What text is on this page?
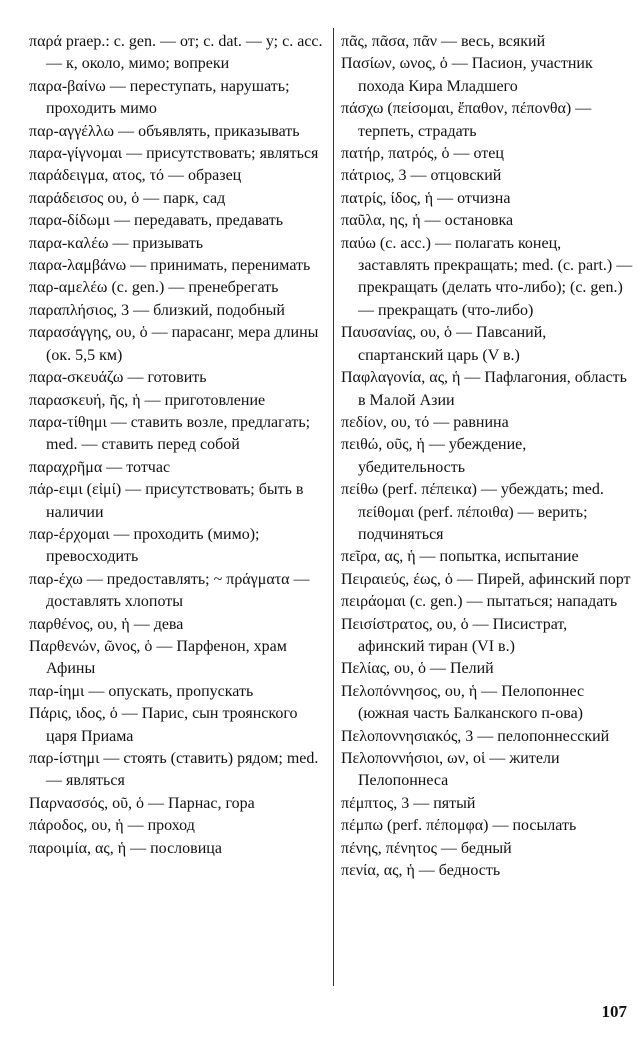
παρά praep.: c. gen. — от; c. dat. — у; c. acc. — к, около, мимо; вопреки

παρα-βαίνω — переступать, нарушать; проходить мимо

παρ-αγγέλλω — объявлять, приказывать

παρα-γίγνομαι — присутствовать; являться

παράδειγμα, ατος, τό — образец

παράδεισος ου, ὁ — парк, сад

παρα-δίδωμι — передавать, предавать

παρα-καλέω — призывать

παρα-λαμβάνω — принимать, перенимать

παρ-αμελέω (c. gen.) — пренебрегать

παραπλήσιος, 3 — близкий, подобный

παρασάγγης, ου, ὁ — парасанг, мера длины (ок. 5,5 км)

παρα-σκευάζω — готовить

παρασκευή, ῆς, ἡ — приготовление

παρα-τίθημι — ставить возле, предлагать; med. — ставить перед собой

παραχρῆμα — тотчас

πάρ-ειμι (εἰμί) — присутствовать; быть в наличии

παρ-έρχομαι — проходить (мимо); превосходить

παρ-έχω — предоставлять; ~ πράγματα — доставлять хлопоты

παρθένος, ου, ἡ — дева

Παρθενών, ῶνος, ὁ — Парфенон, храм Афины

παρ-ίημι — опускать, пропускать

Πάρις, ιδος, ὁ — Парис, сын троянского царя Приама

παρ-ίστημι — стоять (ставить) рядом; med. — являться

Παρνασσός, οῦ, ὁ — Парнас, гора

πάροδος, ου, ἡ — проход

παροιμία, ας, ἡ — пословица

πᾶς, πᾶσα, πᾶν — весь, всякий

Πασίων, ωνος, ὁ — Пасион, участник похода Кира Младшего

πάσχω (πείσομαι, ἔπαθον, πέπονθα) — терпеть, страдать

πατήρ, πατρός, ὁ — отец

πάτριος, 3 — отцовский

πατρίς, ίδος, ἡ — отчизна

παῦλα, ης, ἡ — остановка

παύω (c. acc.) — полагать конец, заставлять прекращать; med. (c. part.) — прекращать (делать что-либо); (c. gen.) — прекращать (что-либо)

Παυσανίας, ου, ὁ — Павсаний, спартанский царь (V в.)

Παφλαγονία, ας, ἡ — Пафлагония, область в Малой Азии

πεδίον, ου, τό — равнина

πειθώ, οῦς, ἡ — убеждение, убедительность

πείθω (perf. πέπεικα) — убеждать; med. πείθομαι (perf. πέποιθα) — верить; подчиняться

πεῖρα, ας, ἡ — попытка, испытание

Πειραιεύς, έως, ὁ — Пирей, афинский порт

πειράομαι (c. gen.) — пытаться; нападать

Πεισίστρατος, ου, ὁ — Писистрат, афинский тиран (VI в.)

Πελίας, ου, ὁ — Пелий

Πελοπόννησος, ου, ἡ — Пелопоннес (южная часть Балканского п-ова)

Πελοποννησιακός, 3 — пелопоннесский

Πελοποννήσιοι, ων, οἱ — жители Пелопоннеса

πέμπτος, 3 — пятый

πέμπω (perf. πέπομφα) — посылать

πένης, πένητος — бедный

πενία, ας, ἡ — бедность

107
